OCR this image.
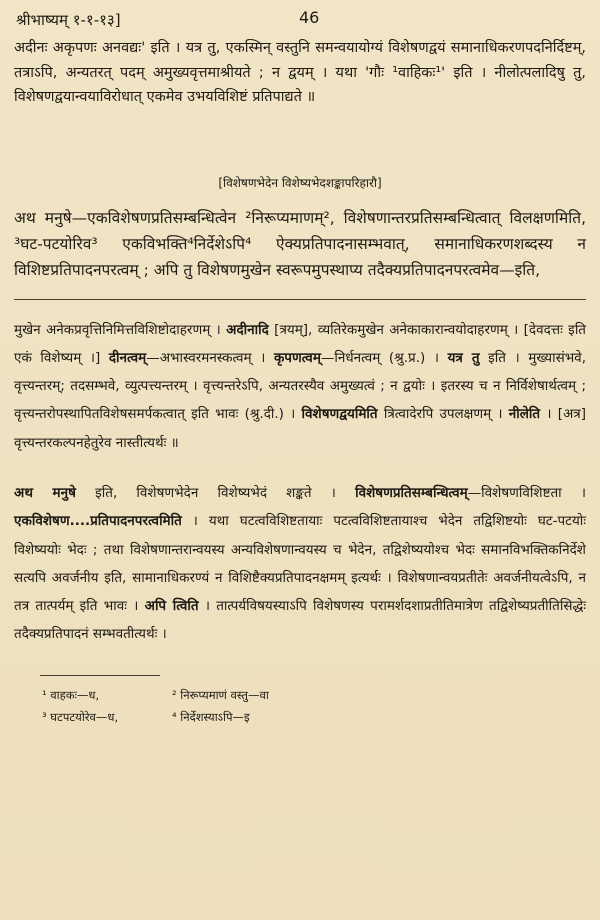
श्रीभाष्यम् १-१-१३]	46

अदीनः अकृपणः अनवद्यः' इति । यत्र तु, एकस्मिन् वस्तुनि समन्वयायोग्यं विशेषणद्वयं समानाधिकरणपदनिर्दिष्टम्, तत्राऽपि, अन्यतरत् पदम् अमुख्यवृत्तमाश्रीयते ; न द्वयम् । यथा 'गौः ¹वाहिकः¹' इति । नीलोत्पलादिषु तु, विशेषणद्वयान्वयाविरोधात् एकमेव उभयविशिष्टं प्रतिपाद्यते ॥

[विशेषणभेदेन विशेष्यभेदशङ्कापरिहारौ]

अथ मनुषे—एकविशेषणप्रतिसम्बन्धित्वेन ²निरूप्यमाणम्², विशेषणान्तरप्रतिसम्बन्धित्वात् विलक्षणमिति, ³घट-पटयोरिव³ एकविभक्ति⁴निर्देशेऽपि⁴ ऐक्यप्रतिपादनासम्भवात्, समानाधिकरणशब्दस्य न विशिष्टप्रतिपादनपरत्वम् ; अपि तु विशेषणमुखेन स्वरूपमुपस्थाप्य तदैक्यप्रतिपादनपरत्वमेव—इति,

मुखेन अनेकप्रवृत्तिनिमित्तविशिष्टोदाहरणम् । अदीनादि [त्रयम्], व्यतिरेकमुखेन अनेकाकारान्वयोदाहरणम् । [देवदत्तः इति एकं विशेष्यम् ।] दीनत्वम्—अभास्वरमनस्कत्वम् । कृपणत्वम्—निर्धनत्वम् (श्रु.प्र.) । यत्र तु इति । मुख्यासंभवे, वृत्त्यन्तरम्; तदसम्भवे, व्युत्पत्त्यन्तरम् । वृत्त्यन्तरेऽपि, अन्यतरस्यैव अमुख्यत्वं ; न द्वयोः । इतरस्य च न निर्विशेषार्थत्वम् ; वृत्त्यन्तरोपस्थापितविशेषसमर्पकत्वात् इति भावः (श्रु.दी.) । विशेषणद्वयमिति त्रित्वादेरपि उपलक्षणम् । नीलेति । [अत्र] वृत्त्यन्तरकल्पनहेतुरेव नास्तीत्यर्थः ॥

अथ मनुषे इति, विशेषणभेदेन विशेष्यभेदं शङ्कते । विशेषणप्रतिसम्बन्धित्वम्—विशेषणविशिष्टता । एकविशेषण....प्रतिपादनपरत्वमिति । यथा घटत्वविशिष्टतायाः पटत्वविशिष्टतायाश्च भेदेन तद्विशिष्टयोः घट-पटयोः विशेष्ययोः भेदः ; तथा विशेषणान्तरान्वयस्य अन्यविशेषणान्वयस्य च भेदेन, तद्विशेष्ययोश्च भेदः समानविभक्तिकनिर्देशे सत्यपि अवर्जनीय इति, सामानाधिकरण्यं न विशिष्टैक्यप्रतिपादनक्षमम् इत्यर्थः । विशेषणान्वयप्रतीतेः अवर्जनीयत्वेऽपि, न तत्र तात्पर्यम् इति भावः । अपि त्विति । तात्पर्यविषयस्याऽपि विशेषणस्य परामर्शदशाप्रतीतिमात्रेण तद्विशेष्यप्रतीतिसिद्धेः तदैक्यप्रतिपादनं सम्भवतीत्यर्थः ।

¹ वाहकः—ध,	² निरूप्यमाणं वस्तु—वा
³ घटपटयोरेव—ध,	⁴ निर्देशस्याऽपि—इ
